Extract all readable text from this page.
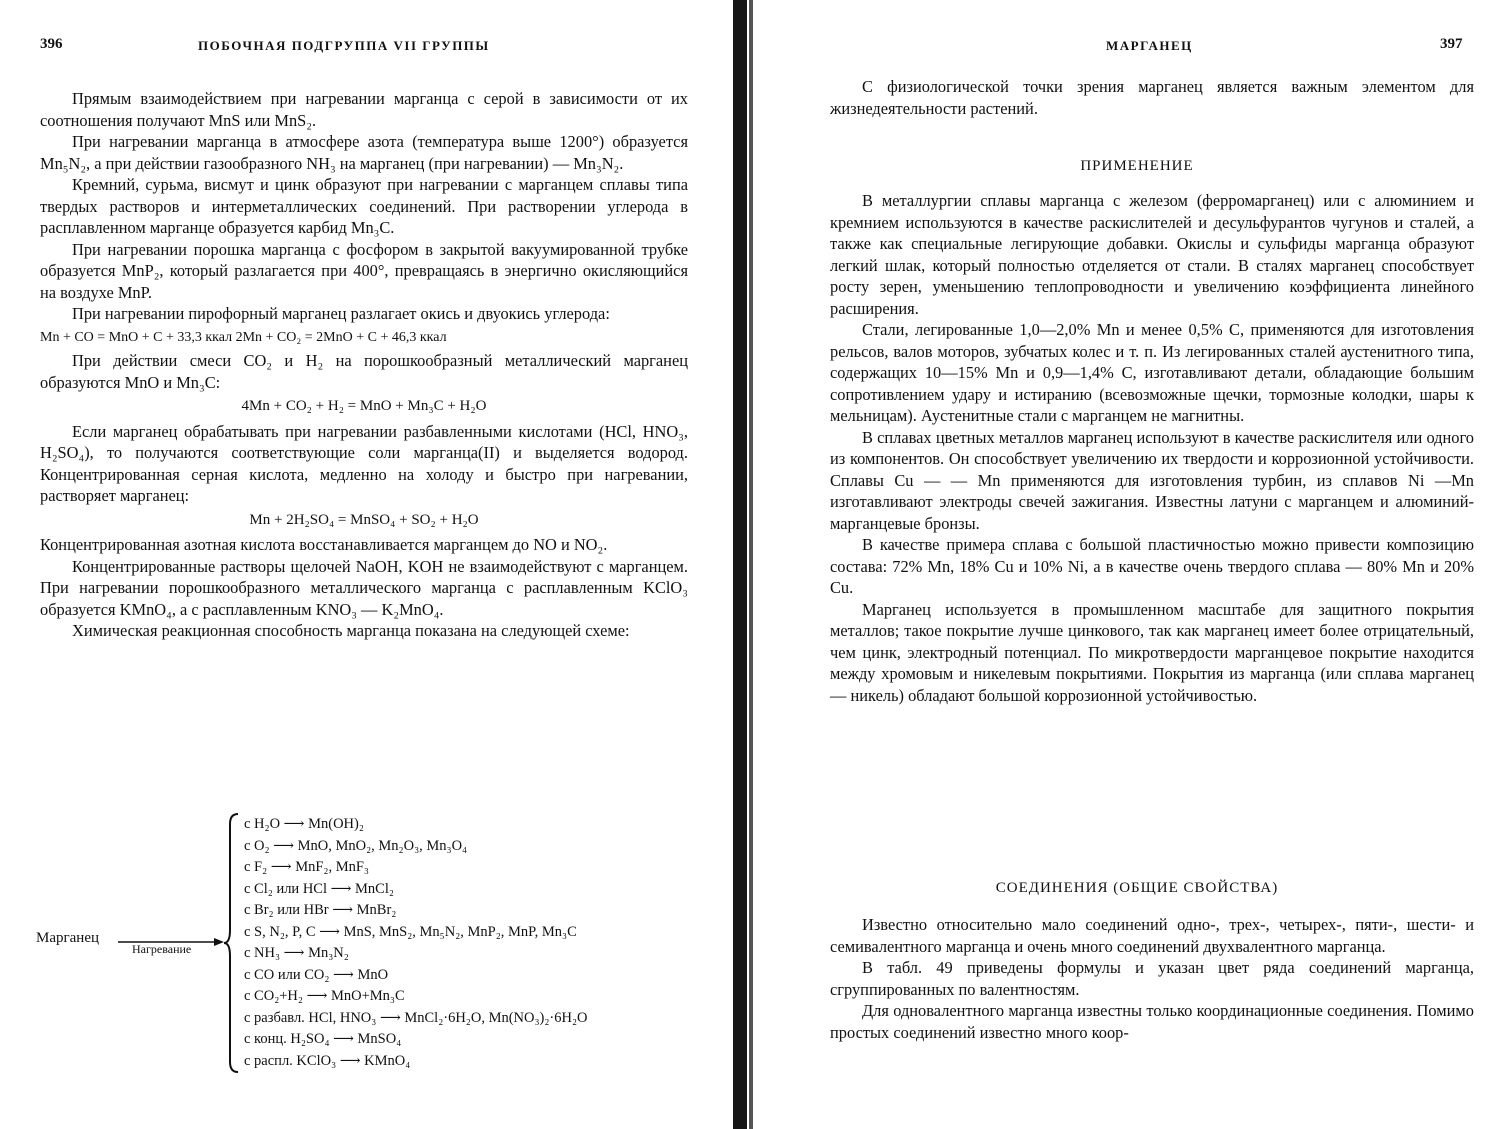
396	ПОБОЧНАЯ ПОДГРУППА VII ГРУППЫ

Прямым взаимодействием при нагревании марганца с серой в зависимости от их соотношения получают MnS или MnS₂.

При нагревании марганца в атмосфере азота (температура выше 1200°) образуется Mn₅N₂, а при действии газообразного NH₃ на марганец (при нагревании) — Mn₃N₂.

Кремний, сурьма, висмут и цинк образуют при нагревании с марганцем сплавы типа твердых растворов и интерметаллических соединений. При растворении углерода в расплавленном марганце образуется карбид Mn₃C.

При нагревании порошка марганца с фосфором в закрытой вакуумированной трубке образуется MnP₂, который разлагается при 400°, превращаясь в энергично окисляющийся на воздухе MnP.

При нагревании пирофорный марганец разлагает окись и двуокись углерода:

Mn + CO = MnO + C + 33,3 ккал 2Mn + CO₂ = 2MnO + C + 46,3 ккал

При действии смеси CO₂ и H₂ на порошкообразный металлический марганец образуются MnO и Mn₃C:

4Mn + CO₂ + H₂ = MnO + Mn₃C + H₂O

Если марганец обрабатывать при нагревании разбавленными кислотами (HCl, HNO₃, H₂SO₄), то получаются соответствующие соли марганца(II) и выделяется водород. Концентрированная серная кислота, медленно на холоду и быстро при нагревании, растворяет марганец:

Mn + 2H₂SO₄ = MnSO₄ + SO₂ + H₂O

Концентрированная азотная кислота восстанавливается марганцем до NO и NO₂.

Концентрированные растворы щелочей NaOH, KOH не взаимодействуют с марганцем. При нагревании порошкообразного металлического марганца с расплавленным KClO₃ образуется KMnO₄, а с расплавленным KNO₃ — K₂MnO₄.

Химическая реакционная способность марганца показана на следующей схеме:

Марганец
Нагревание
с H₂O ⟶ Mn(OH)₂
с O₂ ⟶ MnO, MnO₂, Mn₂O₃, Mn₃O₄
с F₂ ⟶ MnF₂, MnF₃
с Cl₂ или HCl ⟶ MnCl₂
с Br₂ или HBr ⟶ MnBr₂
с S, N₂, P, C ⟶ MnS, MnS₂, Mn₅N₂, MnP₂, MnP, Mn₃C
с NH₃ ⟶ Mn₃N₂
с CO или CO₂ ⟶ MnO
с CO₂+H₂ ⟶ MnO+Mn₃C
с разбавл. HCl, HNO₃ ⟶ MnCl₂·6H₂O, Mn(NO₃)₂·6H₂O
с конц. H₂SO₄ ⟶ MnSO₄
с распл. KClO₃ ⟶ KMnO₄
МАРГАНЕЦ	397

С физиологической точки зрения марганец является важным элементом для жизнедеятельности растений.

ПРИМЕНЕНИЕ

В металлургии сплавы марганца с железом (ферромарганец) или с алюминием и кремнием используются в качестве раскислителей и десульфурантов чугунов и сталей, а также как специальные легирующие добавки. Окислы и сульфиды марганца образуют легкий шлак, который полностью отделяется от стали. В сталях марганец способствует росту зерен, уменьшению теплопроводности и увеличению коэффициента линейного расширения.

Стали, легированные 1,0—2,0% Mn и менее 0,5% C, применяются для изготовления рельсов, валов моторов, зубчатых колес и т. п. Из легированных сталей аустенитного типа, содержащих 10—15% Mn и 0,9—1,4% C, изготавливают детали, обладающие большим сопротивлением удару и истиранию (всевозможные щечки, тормозные колодки, шары к мельницам). Аустенитные стали с марганцем не магнитны.

В сплавах цветных металлов марганец используют в качестве раскислителя или одного из компонентов. Он способствует увеличению их твердости и коррозионной устойчивости. Сплавы Cu — — Mn применяются для изготовления турбин, из сплавов Ni —Mn изготавливают электроды свечей зажигания. Известны латуни с марганцем и алюминий-марганцевые бронзы.

В качестве примера сплава с большой пластичностью можно привести композицию состава: 72% Mn, 18% Cu и 10% Ni, а в качестве очень твердого сплава — 80% Mn и 20% Cu.

Марганец используется в промышленном масштабе для защитного покрытия металлов; такое покрытие лучше цинкового, так как марганец имеет более отрицательный, чем цинк, электродный потенциал. По микротвердости марганцевое покрытие находится между хромовым и никелевым покрытиями. Покрытия из марганца (или сплава марганец — никель) обладают большой коррозионной устойчивостью.

СОЕДИНЕНИЯ (ОБЩИЕ СВОЙСТВА)

Известно относительно мало соединений одно-, трех-, четырех-, пяти-, шести- и семивалентного марганца и очень много соединений двухвалентного марганца.

В табл. 49 приведены формулы и указан цвет ряда соединений марганца, сгруппированных по валентностям.

Для одновалентного марганца известны только координационные соединения. Помимо простых соединений известно много коор-
